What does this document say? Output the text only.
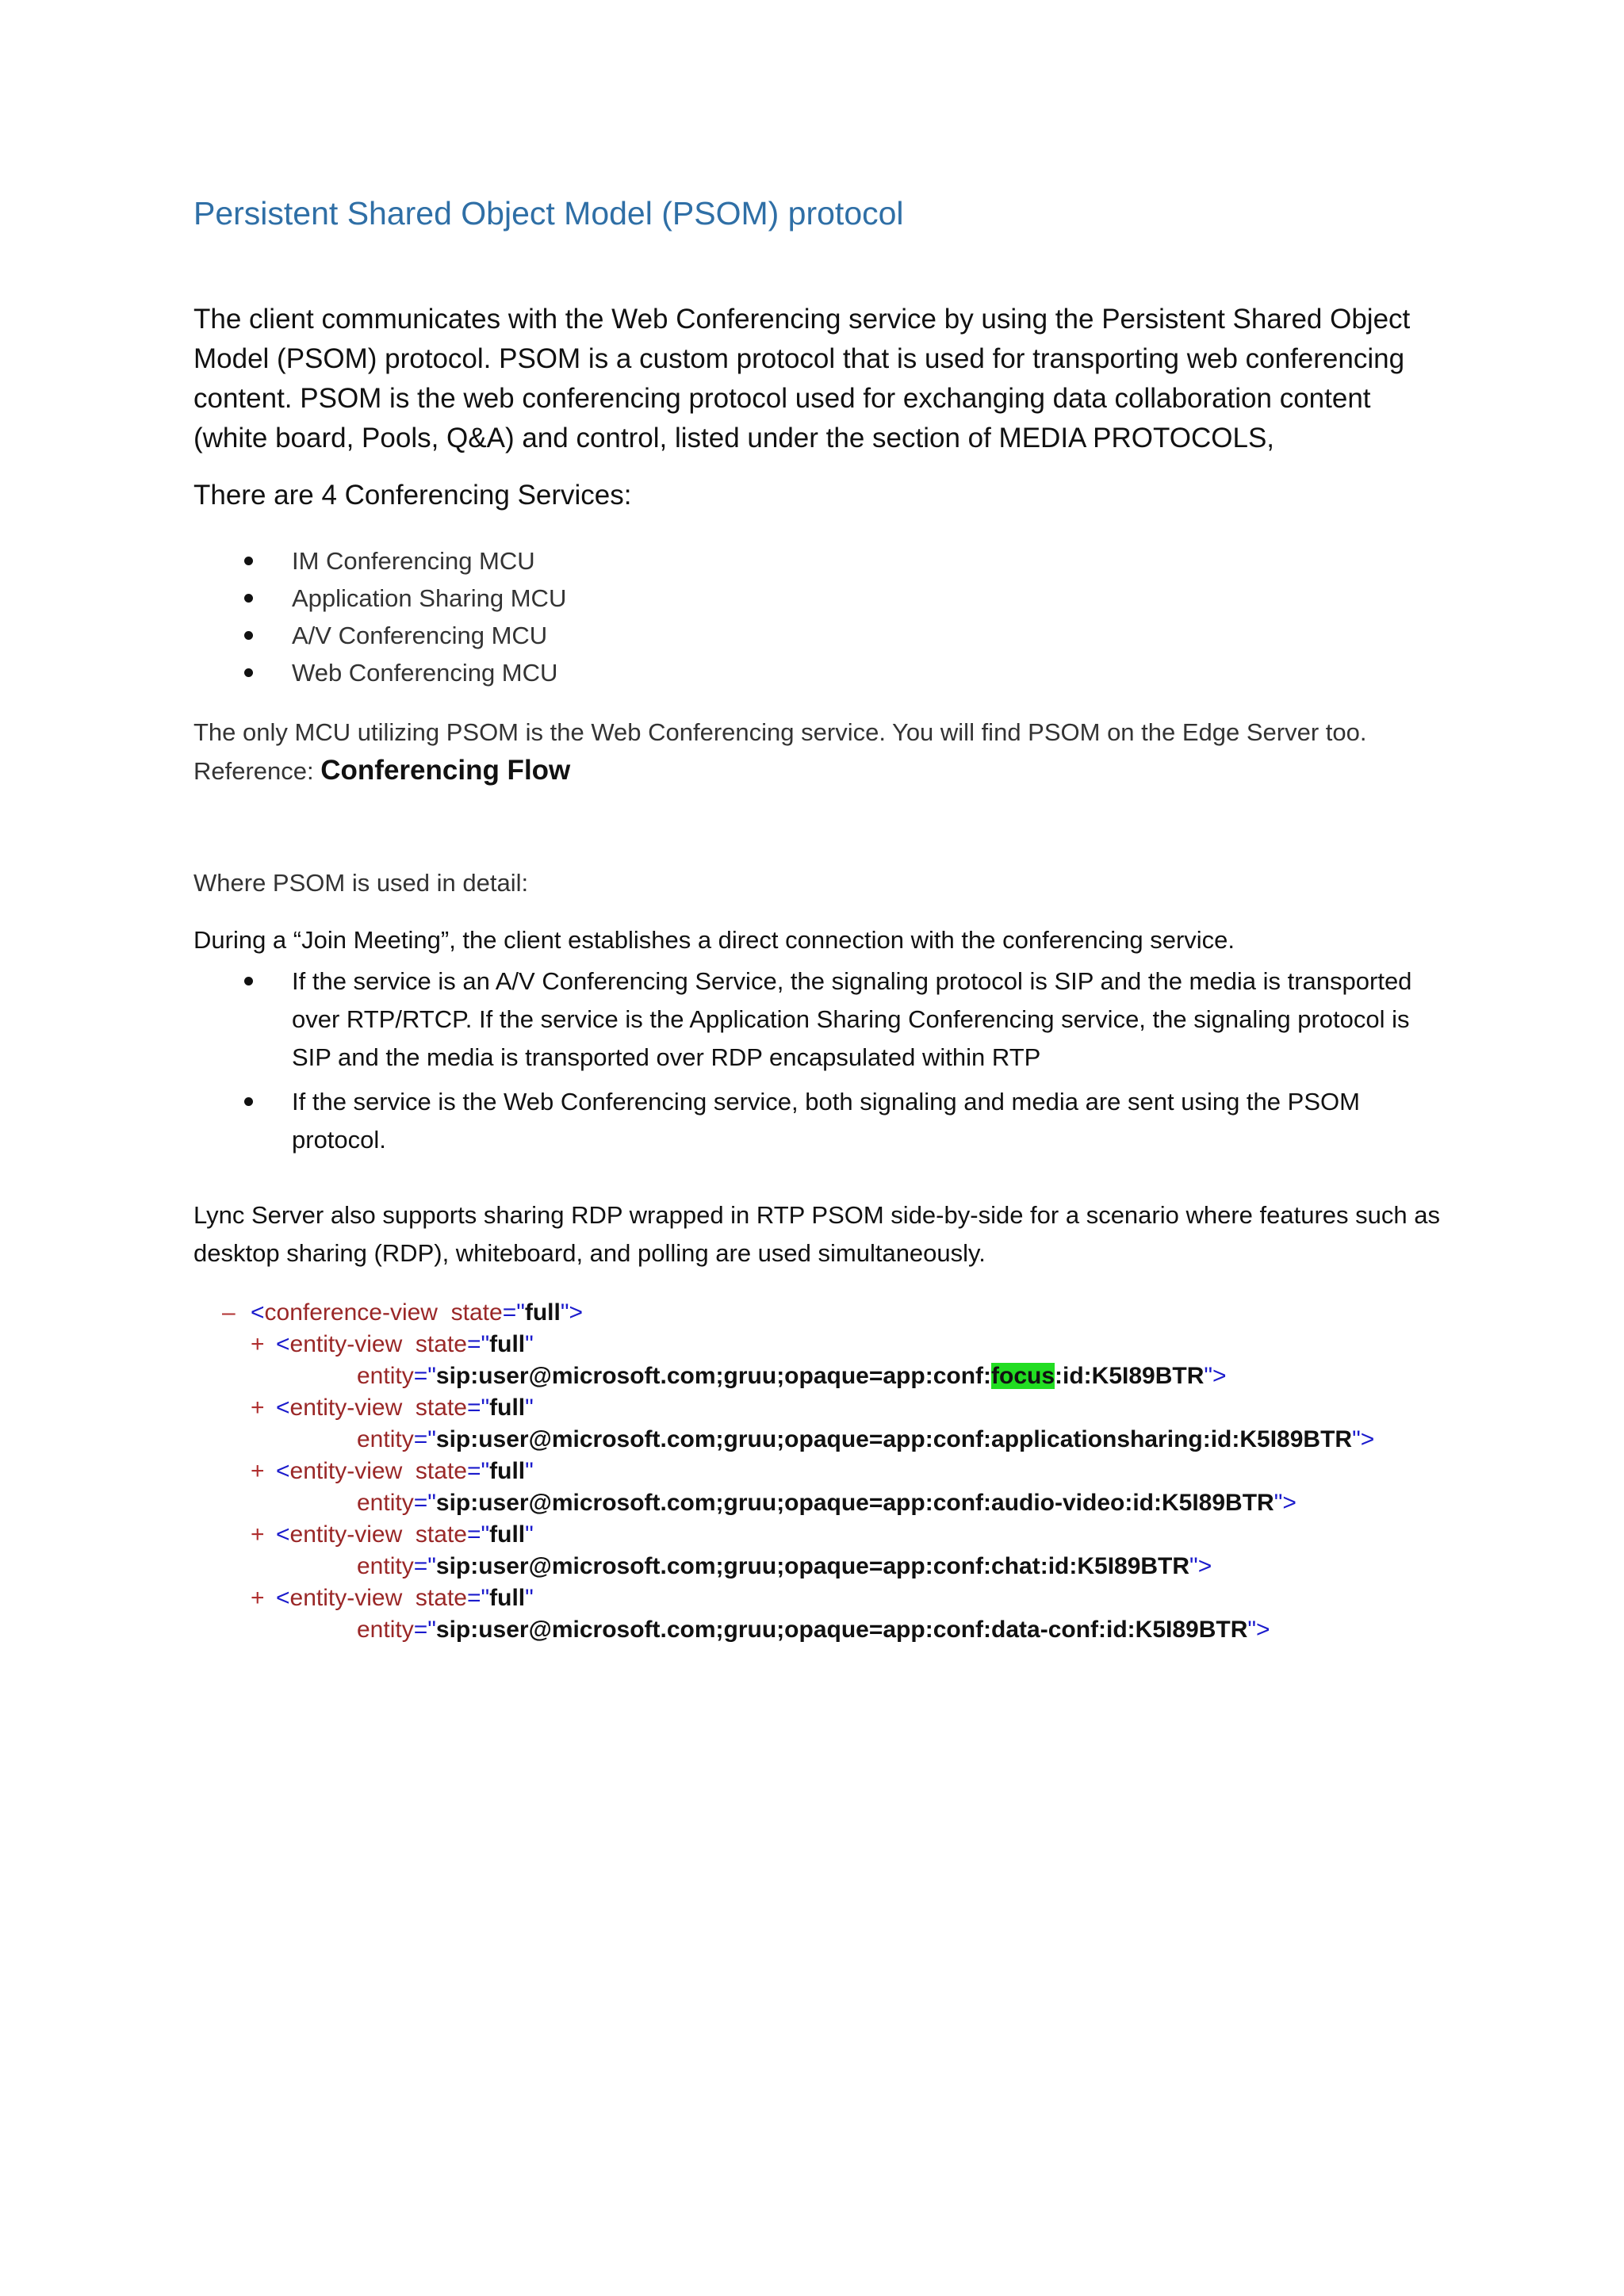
Persistent Shared Object Model (PSOM) protocol

The client communicates with the Web Conferencing service by using the Persistent Shared Object Model (PSOM) protocol. PSOM is a custom protocol that is used for transporting web conferencing content. PSOM is the web conferencing protocol used for exchanging data collaboration content (white board, Pools, Q&A) and control, listed under the section of MEDIA PROTOCOLS,

There are 4 Conferencing Services:

IM Conferencing MCU
Application Sharing MCU
A/V Conferencing MCU
Web Conferencing MCU

The only MCU utilizing PSOM is the Web Conferencing service. You will find PSOM on the Edge Server too.
Reference: Conferencing Flow

Where PSOM is used in detail:

During a “Join Meeting”, the client establishes a direct connection with the conferencing service.

If the service is an A/V Conferencing Service, the signaling protocol is SIP and the media is transported over RTP/RTCP. If the service is the Application Sharing Conferencing service, the signaling protocol is SIP and the media is transported over RDP encapsulated within RTP
If the service is the Web Conferencing service, both signaling and media are sent using the PSOM protocol.

Lync Server also supports sharing RDP wrapped in RTP PSOM side-by-side for a scenario where features such as desktop sharing (RDP), whiteboard, and polling are used simultaneously.

– <conference-view  state="full">
+ <entity-view  state="full"
entity="sip:user@microsoft.com;gruu;opaque=app:conf:focus:id:K5I89BTR">
+ <entity-view  state="full"
entity="sip:user@microsoft.com;gruu;opaque=app:conf:applicationsharing:id:K5I89BTR">
+ <entity-view  state="full"
entity="sip:user@microsoft.com;gruu;opaque=app:conf:audio-video:id:K5I89BTR">
+ <entity-view  state="full"
entity="sip:user@microsoft.com;gruu;opaque=app:conf:chat:id:K5I89BTR">
+ <entity-view  state="full"
entity="sip:user@microsoft.com;gruu;opaque=app:conf:data-conf:id:K5I89BTR">
